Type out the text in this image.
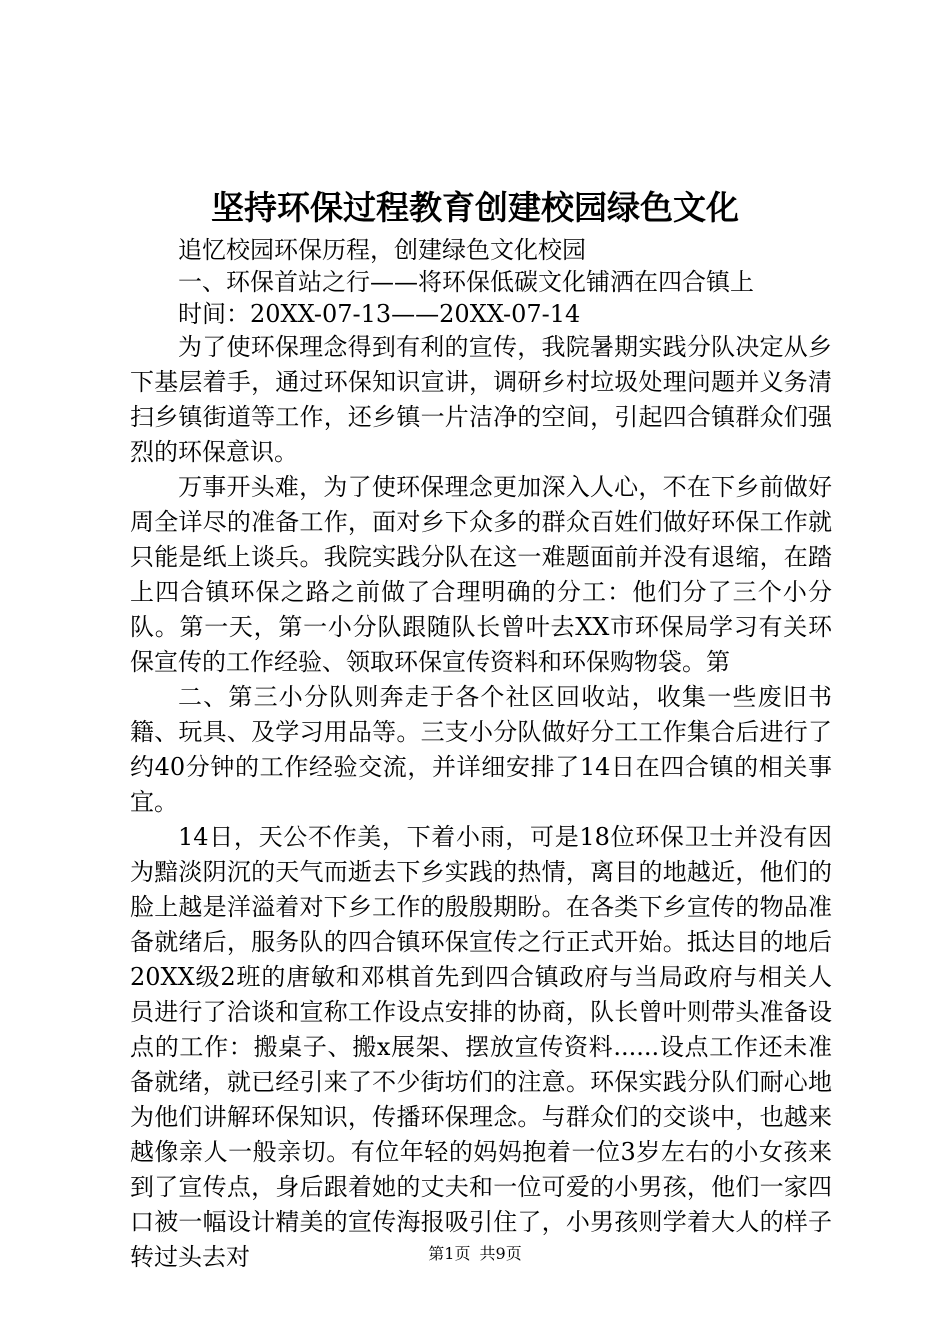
坚持环保过程教育创建校园绿色文化

追忆校园环保历程，创建绿色文化校园

一、环保首站之行——将环保低碳文化铺洒在四合镇上

时间：20XX-07-13——20XX-07-14

为了使环保理念得到有利的宣传，我院暑期实践分队决定从乡下基层着手，通过环保知识宣讲，调研乡村垃圾处理问题并义务清扫乡镇街道等工作，还乡镇一片洁净的空间，引起四合镇群众们强烈的环保意识。

万事开头难，为了使环保理念更加深入人心，不在下乡前做好周全详尽的准备工作，面对乡下众多的群众百姓们做好环保工作就只能是纸上谈兵。我院实践分队在这一难题面前并没有退缩，在踏上四合镇环保之路之前做了合理明确的分工：他们分了三个小分队。第一天，第一小分队跟随队长曾叶去XX市环保局学习有关环保宣传的工作经验、领取环保宣传资料和环保购物袋。第

二、第三小分队则奔走于各个社区回收站，收集一些废旧书籍、玩具、及学习用品等。三支小分队做好分工工作集合后进行了约40分钟的工作经验交流，并详细安排了14日在四合镇的相关事宜。

14日，天公不作美，下着小雨，可是18位环保卫士并没有因为黯淡阴沉的天气而逝去下乡实践的热情，离目的地越近，他们的脸上越是洋溢着对下乡工作的殷殷期盼。在各类下乡宣传的物品准备就绪后，服务队的四合镇环保宣传之行正式开始。抵达目的地后20XX级2班的唐敏和邓棋首先到四合镇政府与当局政府与相关人员进行了洽谈和宣称工作设点安排的协商，队长曾叶则带头准备设点的工作：搬桌子、搬x展架、摆放宣传资料......设点工作还未准备就绪，就已经引来了不少街坊们的注意。环保实践分队们耐心地为他们讲解环保知识，传播环保理念。与群众们的交谈中，也越来越像亲人一般亲切。有位年轻的妈妈抱着一位3岁左右的小女孩来到了宣传点，身后跟着她的丈夫和一位可爱的小男孩，他们一家四口被一幅设计精美的宣传海报吸引住了，小男孩则学着大人的样子转过头去对	第1页 共9页
